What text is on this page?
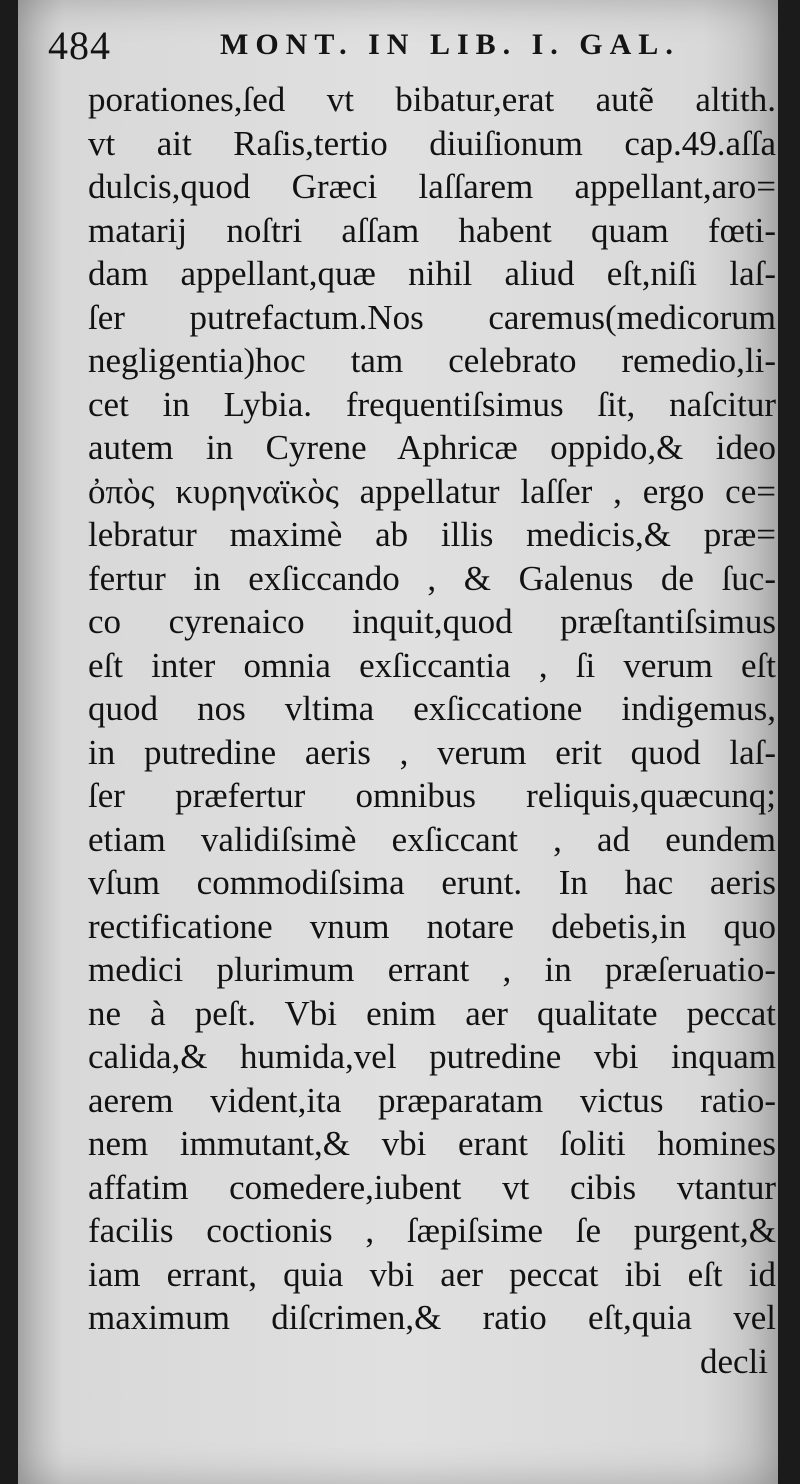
484	MONT. IN LIB. I. GAL.
porationes,ſed vt bibatur,erat autẽ altith.
vt ait Raſis,tertio diuiſionum cap.49.aſſa
dulcis,quod Græci laſſarem appellant,aro=
matarij noſtri aſſam habent quam fœti-
dam appellant,quæ nihil aliud eſt,niſi laſ-
ſer putrefactum.Nos caremus(medicorum
negligentia)hoc tam celebrato remedio,li-
cet in Lybia. frequentiſsimus ſit, naſcitur
autem in Cyrene Aphricæ oppido,& ideo
ὀπὸς κυρηναϊκὸς appellatur laſſer , ergo ce=
lebratur maximè ab illis medicis,& præ=
fertur in exſiccando , & Galenus de ſuc-
co cyrenaico inquit,quod præſtantiſsimus
eſt inter omnia exſiccantia , ſi verum eſt
quod nos vltima exſiccatione indigemus,
in putredine aeris , verum erit quod laſ-
ſer præfertur omnibus reliquis,quæcunq;
etiam validiſsimè exſiccant , ad eundem
vſum commodiſsima erunt. In hac aeris
rectificatione vnum notare debetis,in quo
medici plurimum errant , in præſeruatio-
ne à peſt. Vbi enim aer qualitate peccat
calida,& humida,vel putredine vbi inquam
aerem vident,ita præparatam victus ratio-
nem immutant,& vbi erant ſoliti homines
affatim comedere,iubent vt cibis vtantur
facilis coctionis , ſæpiſsime ſe purgent,&
iam errant, quia vbi aer peccat ibi eſt id
maximum diſcrimen,& ratio eſt,quia vel
decli
